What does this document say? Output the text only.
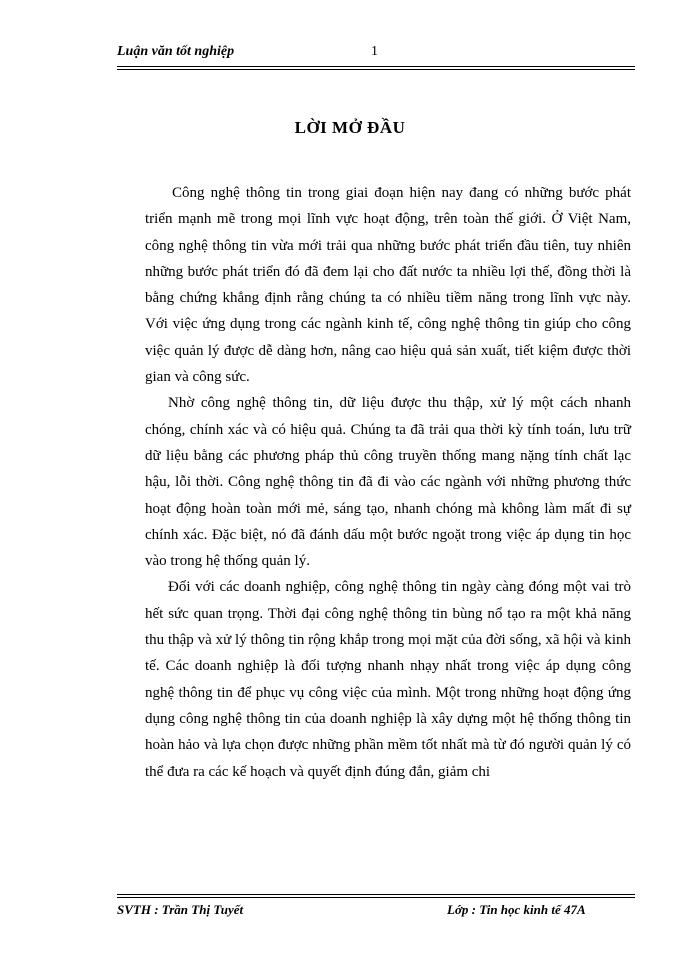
Luận văn tốt nghiệp	1
LỜI MỞ ĐẦU

Công nghệ thông tin trong giai đoạn hiện nay đang có những bước phát triển mạnh mẽ trong mọi lĩnh vực hoạt động, trên toàn thế giới. Ở Việt Nam, công nghệ thông tin vừa mới trải qua những bước phát triển đầu tiên, tuy nhiên những bước phát triển đó đã đem lại cho đất nước ta nhiều lợi thế, đồng thời là bằng chứng khẳng định rằng chúng ta có nhiều tiềm năng trong lĩnh vực này. Với việc ứng dụng trong các ngành kinh tế, công nghệ thông tin giúp cho công việc quản lý được dễ dàng hơn, nâng cao hiệu quả sản xuất, tiết kiệm được thời gian và công sức.

Nhờ công nghệ thông tin, dữ liệu được thu thập, xử lý một cách nhanh chóng, chính xác và có hiệu quả. Chúng ta đã trải qua thời kỳ tính toán, lưu trữ dữ liệu bằng các phương pháp thủ công truyền thống mang nặng tính chất lạc hậu, lỗi thời. Công nghệ thông tin đã đi vào các ngành với những phương thức hoạt động hoàn toàn mới mẻ, sáng tạo, nhanh chóng mà không làm mất đi sự chính xác. Đặc biệt, nó đã đánh dấu một bước ngoặt trong việc áp dụng tin học vào trong hệ thống quản lý.

Đối với các doanh nghiệp, công nghệ thông tin ngày càng đóng một vai trò hết sức quan trọng. Thời đại công nghệ thông tin bùng nổ tạo ra một khả năng thu thập và xử lý thông tin rộng khắp trong mọi mặt của đời sống, xã hội và kinh tế. Các doanh nghiệp là đối tượng nhanh nhạy nhất trong việc áp dụng công nghệ thông tin để phục vụ công việc của mình. Một trong những hoạt động ứng dụng công nghệ thông tin của doanh nghiệp là xây dựng một hệ thống thông tin hoàn hảo và lựa chọn được những phần mềm tốt nhất mà từ đó người quản lý có thể đưa ra các kế hoạch và quyết định đúng đắn, giảm chi

SVTH : Trần Thị Tuyết	Lớp : Tin học kinh tế 47A
